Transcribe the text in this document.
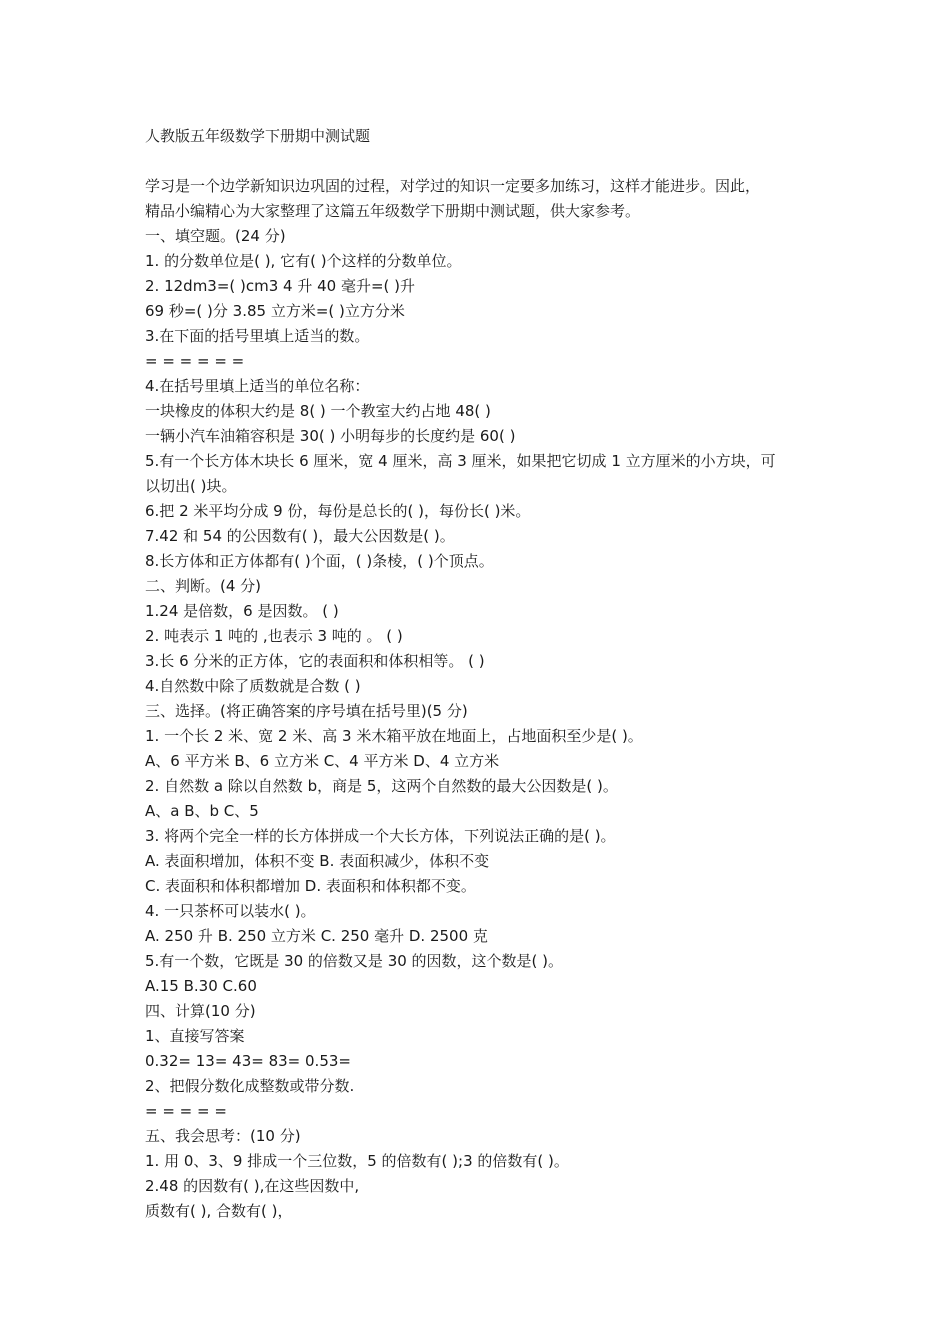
人教版五年级数学下册期中测试题
学习是一个边学新知识边巩固的过程，对学过的知识一定要多加练习，这样才能进步。因此，
精品小编精心为大家整理了这篇五年级数学下册期中测试题，供大家参考。
一、填空题。(24 分)
1. 的分数单位是( ), 它有( )个这样的分数单位。
2. 12dm3=( )cm3 4 升 40 毫升=( )升
69 秒=( )分 3.85 立方米=( )立方分米
3.在下面的括号里填上适当的数。
= = = = = =
4.在括号里填上适当的单位名称：
一块橡皮的体积大约是 8( ) 一个教室大约占地 48( )
一辆小汽车油箱容积是 30( ) 小明每步的长度约是 60( )
5.有一个长方体木块长 6 厘米，宽 4 厘米，高 3 厘米，如果把它切成 1 立方厘米的小方块，可
以切出( )块。
6.把 2 米平均分成 9 份，每份是总长的( )，每份长( )米。
7.42 和 54 的公因数有( )，最大公因数是( )。
8.长方体和正方体都有( )个面，( )条棱，( )个顶点。
二、判断。(4 分)
1.24 是倍数，6 是因数。 ( )
2. 吨表示 1 吨的 ,也表示 3 吨的 。 ( )
3.长 6 分米的正方体，它的表面积和体积相等。 ( )
4.自然数中除了质数就是合数 ( )
三、选择。(将正确答案的序号填在括号里)(5 分)
1. 一个长 2 米、宽 2 米、高 3 米木箱平放在地面上，占地面积至少是( )。
A、6 平方米 B、6 立方米 C、4 平方米 D、4 立方米
2. 自然数 a 除以自然数 b，商是 5，这两个自然数的最大公因数是( )。
A、a B、b C、5
3. 将两个完全一样的长方体拼成一个大长方体，下列说法正确的是( )。
A. 表面积增加，体积不变 B. 表面积减少，体积不变
C. 表面积和体积都增加 D. 表面积和体积都不变。
4. 一只茶杯可以装水( )。
A. 250 升 B. 250 立方米 C. 250 毫升 D. 2500 克
5.有一个数，它既是 30 的倍数又是 30 的因数，这个数是( )。
A.15 B.30 C.60
四、计算(10 分)
1、直接写答案
0.32= 13= 43= 83= 0.53=
2、把假分数化成整数或带分数.
= = = = =
五、我会思考：(10 分)
1. 用 0、3、9 排成一个三位数，5 的倍数有( );3 的倍数有( )。
2.48 的因数有( ),在这些因数中,
质数有( ), 合数有( )，
